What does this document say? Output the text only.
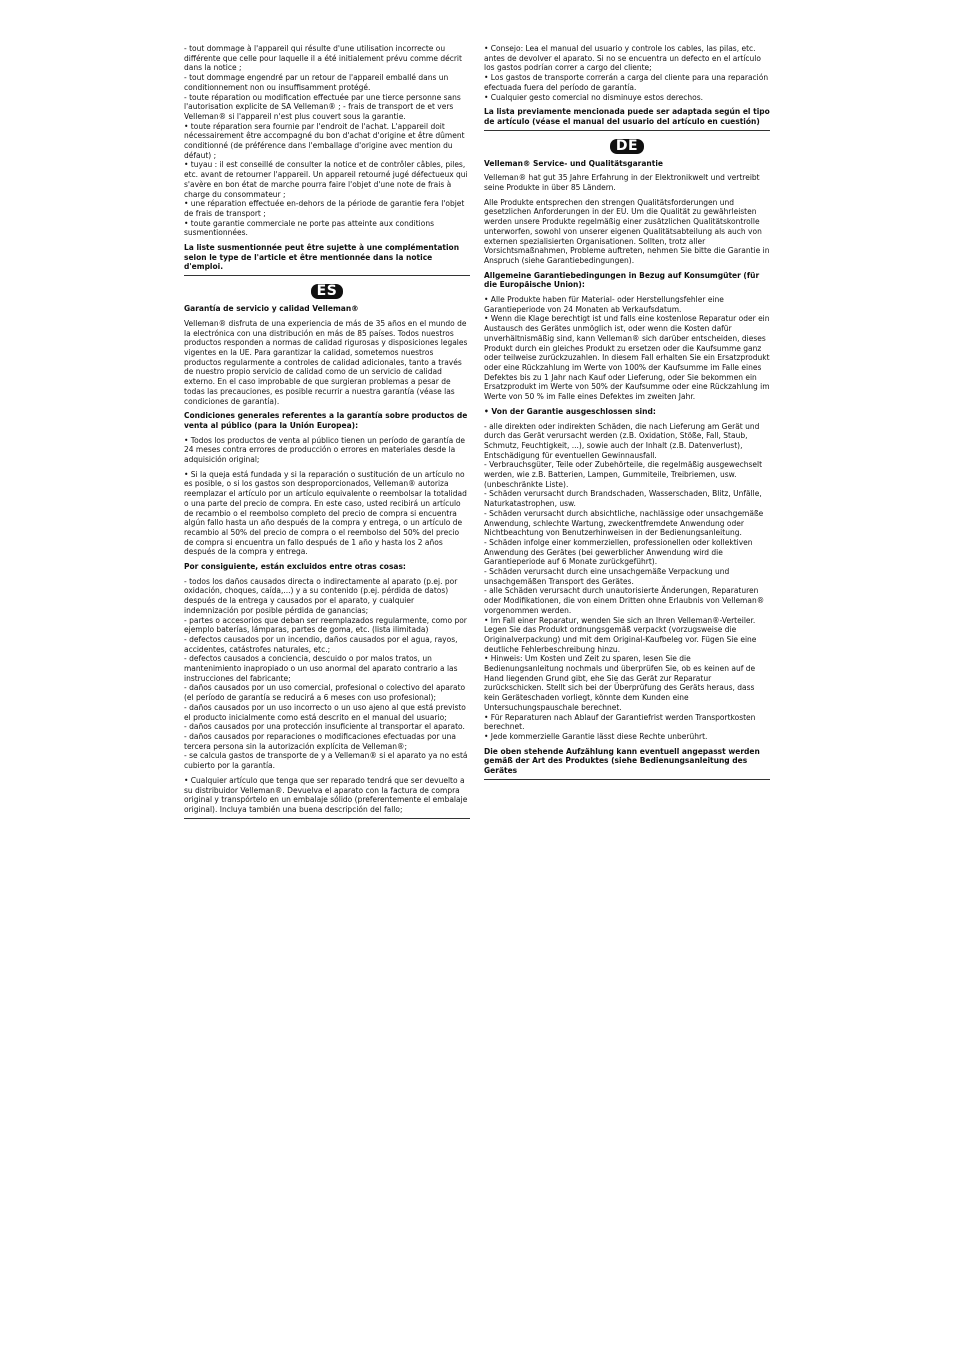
- tout dommage à l'appareil qui résulte d'une utilisation incorrecte ou différente que celle pour laquelle il a été initialement prévu comme décrit dans la notice ;
- tout dommage engendré par un retour de l'appareil emballé dans un conditionnement non ou insuffisamment protégé.
- toute réparation ou modification effectuée par une tierce personne sans l'autorisation explicite de SA Velleman® ; - frais de transport de et vers Velleman® si l'appareil n'est plus couvert sous la garantie.
• toute réparation sera fournie par l'endroit de l'achat. L'appareil doit nécessairement être accompagné du bon d'achat d'origine et être dûment conditionné (de préférence dans l'emballage d'origine avec mention du défaut) ;
• tuyau : il est conseillé de consulter la notice et de contrôler câbles, piles, etc. avant de retourner l'appareil. Un appareil retourné jugé défectueux qui s'avère en bon état de marche pourra faire l'objet d'une note de frais à charge du consommateur ;
• une réparation effectuée en-dehors de la période de garantie fera l'objet de frais de transport ;
• toute garantie commerciale ne porte pas atteinte aux conditions susmentionnées.

La liste susmentionnée peut être sujette à une complémentation selon le type de l'article et être mentionnée dans la notice d'emploi.

ES

Garantía de servicio y calidad Velleman®

Velleman® disfruta de una experiencia de más de 35 años en el mundo de la electrónica con una distribución en más de 85 países. Todos nuestros productos responden a normas de calidad rigurosas y disposiciones legales vigentes en la UE. Para garantizar la calidad, sometemos nuestros productos regularmente a controles de calidad adicionales, tanto a través de nuestro propio servicio de calidad como de un servicio de calidad externo. En el caso improbable de que surgieran problemas a pesar de todas las precauciones, es posible recurrir a nuestra garantía (véase las condiciones de garantía).

Condiciones generales referentes a la garantía sobre productos de venta al público (para la Unión Europea):

• Todos los productos de venta al público tienen un período de garantía de 24 meses contra errores de producción o errores en materiales desde la adquisición original;

• Si la queja está fundada y si la reparación o sustitución de un artículo no es posible, o si los gastos son desproporcionados, Velleman® autoriza reemplazar el artículo por un artículo equivalente o reembolsar la totalidad o una parte del precio de compra. En este caso, usted recibirá un artículo de recambio o el reembolso completo del precio de compra si encuentra algún fallo hasta un año después de la compra y entrega, o un artículo de recambio al 50% del precio de compra o el reembolso del 50% del precio de compra si encuentra un fallo después de 1 año y hasta los 2 años después de la compra y entrega.

Por consiguiente, están excluidos entre otras cosas:

- todos los daños causados directa o indirectamente al aparato (p.ej. por oxidación, choques, caída,...) y a su contenido (p.ej. pérdida de datos) después de la entrega y causados por el aparato, y cualquier indemnización por posible pérdida de ganancias;
- partes o accesorios que deban ser reemplazados regularmente, como por ejemplo baterías, lámparas, partes de goma, etc. (lista ilimitada)
- defectos causados por un incendio, daños causados por el agua, rayos, accidentes, catástrofes naturales, etc.;
- defectos causados a conciencia, descuido o por malos tratos, un mantenimiento inapropiado o un uso anormal del aparato contrario a las instrucciones del fabricante;
- daños causados por un uso comercial, profesional o colectivo del aparato (el período de garantía se reducirá a 6 meses con uso profesional);
- daños causados por un uso incorrecto o un uso ajeno al que está previsto el producto inicialmente como está descrito en el manual del usuario;
- daños causados por una protección insuficiente al transportar el aparato.
- daños causados por reparaciones o modificaciones efectuadas por una tercera persona sin la autorización explícita de Velleman®;
- se calcula gastos de transporte de y a Velleman® si el aparato ya no está cubierto por la garantía.

• Cualquier artículo que tenga que ser reparado tendrá que ser devuelto a su distribuidor Velleman®. Devuelva el aparato con la factura de compra original y transpórtelo en un embalaje sólido (preferentemente el embalaje original). Incluya también una buena descripción del fallo;

• Consejo: Lea el manual del usuario y controle los cables, las pilas, etc. antes de devolver el aparato. Si no se encuentra un defecto en el artículo los gastos podrían correr a cargo del cliente;
• Los gastos de transporte correrán a carga del cliente para una reparación efectuada fuera del período de garantía.
• Cualquier gesto comercial no disminuye estos derechos.

La lista previamente mencionada puede ser adaptada según el tipo de artículo (véase el manual del usuario del artículo en cuestión)

DE

Velleman® Service- und Qualitätsgarantie

Velleman® hat gut 35 Jahre Erfahrung in der Elektronikwelt und vertreibt seine Produkte in über 85 Ländern.

Alle Produkte entsprechen den strengen Qualitätsforderungen und gesetzlichen Anforderungen in der EU. Um die Qualität zu gewährleisten werden unsere Produkte regelmäßig einer zusätzlichen Qualitätskontrolle unterworfen, sowohl von unserer eigenen Qualitätsabteilung als auch von externen spezialisierten Organisationen. Sollten, trotz aller Vorsichtsmaßnahmen, Probleme auftreten, nehmen Sie bitte die Garantie in Anspruch (siehe Garantiebedingungen).

Allgemeine Garantiebedingungen in Bezug auf Konsumgüter (für die Europäische Union):

• Alle Produkte haben für Material- oder Herstellungsfehler eine Garantieperiode von 24 Monaten ab Verkaufsdatum.
• Wenn die Klage berechtigt ist und falls eine kostenlose Reparatur oder ein Austausch des Gerätes unmöglich ist, oder wenn die Kosten dafür unverhältnismäßig sind, kann Velleman® sich darüber entscheiden, dieses Produkt durch ein gleiches Produkt zu ersetzen oder die Kaufsumme ganz oder teilweise zurückzuzahlen. In diesem Fall erhalten Sie ein Ersatzprodukt oder eine Rückzahlung im Werte von 100% der Kaufsumme im Falle eines Defektes bis zu 1 Jahr nach Kauf oder Lieferung, oder Sie bekommen ein Ersatzprodukt im Werte von 50% der Kaufsumme oder eine Rückzahlung im Werte von 50 % im Falle eines Defektes im zweiten Jahr.

• Von der Garantie ausgeschlossen sind:

- alle direkten oder indirekten Schäden, die nach Lieferung am Gerät und durch das Gerät verursacht werden (z.B. Oxidation, Stöße, Fall, Staub, Schmutz, Feuchtigkeit, ...), sowie auch der Inhalt (z.B. Datenverlust), Entschädigung für eventuellen Gewinnausfall.
- Verbrauchsgüter, Teile oder Zubehörteile, die regelmäßig ausgewechselt werden, wie z.B. Batterien, Lampen, Gummiteile, Treibriemen, usw. (unbeschränkte Liste).
- Schäden verursacht durch Brandschaden, Wasserschaden, Blitz, Unfälle, Naturkatastrophen, usw.
- Schäden verursacht durch absichtliche, nachlässige oder unsachgemäße Anwendung, schlechte Wartung, zweckentfremdete Anwendung oder Nichtbeachtung von Benutzerhinweisen in der Bedienungsanleitung.
- Schäden infolge einer kommerziellen, professionellen oder kollektiven Anwendung des Gerätes (bei gewerblicher Anwendung wird die Garantieperiode auf 6 Monate zurückgeführt).
- Schäden verursacht durch eine unsachgemäße Verpackung und unsachgemäßen Transport des Gerätes.
- alle Schäden verursacht durch unautorisierte Änderungen, Reparaturen oder Modifikationen, die von einem Dritten ohne Erlaubnis von Velleman® vorgenommen werden.
• Im Fall einer Reparatur, wenden Sie sich an Ihren Velleman®-Verteiler. Legen Sie das Produkt ordnungsgemäß verpackt (vorzugsweise die Originalverpackung) und mit dem Original-Kaufbeleg vor. Fügen Sie eine deutliche Fehlerbeschreibung hinzu.
• Hinweis: Um Kosten und Zeit zu sparen, lesen Sie die Bedienungsanleitung nochmals und überprüfen Sie, ob es keinen auf de Hand liegenden Grund gibt, ehe Sie das Gerät zur Reparatur zurückschicken. Stellt sich bei der Überprüfung des Geräts heraus, dass kein Geräteschaden vorliegt, könnte dem Kunden eine Untersuchungspauschale berechnet.
• Für Reparaturen nach Ablauf der Garantiefrist werden Transportkosten berechnet.
• Jede kommerzielle Garantie lässt diese Rechte unberührt.

Die oben stehende Aufzählung kann eventuell angepasst werden gemäß der Art des Produktes (siehe Bedienungsanleitung des Gerätes
